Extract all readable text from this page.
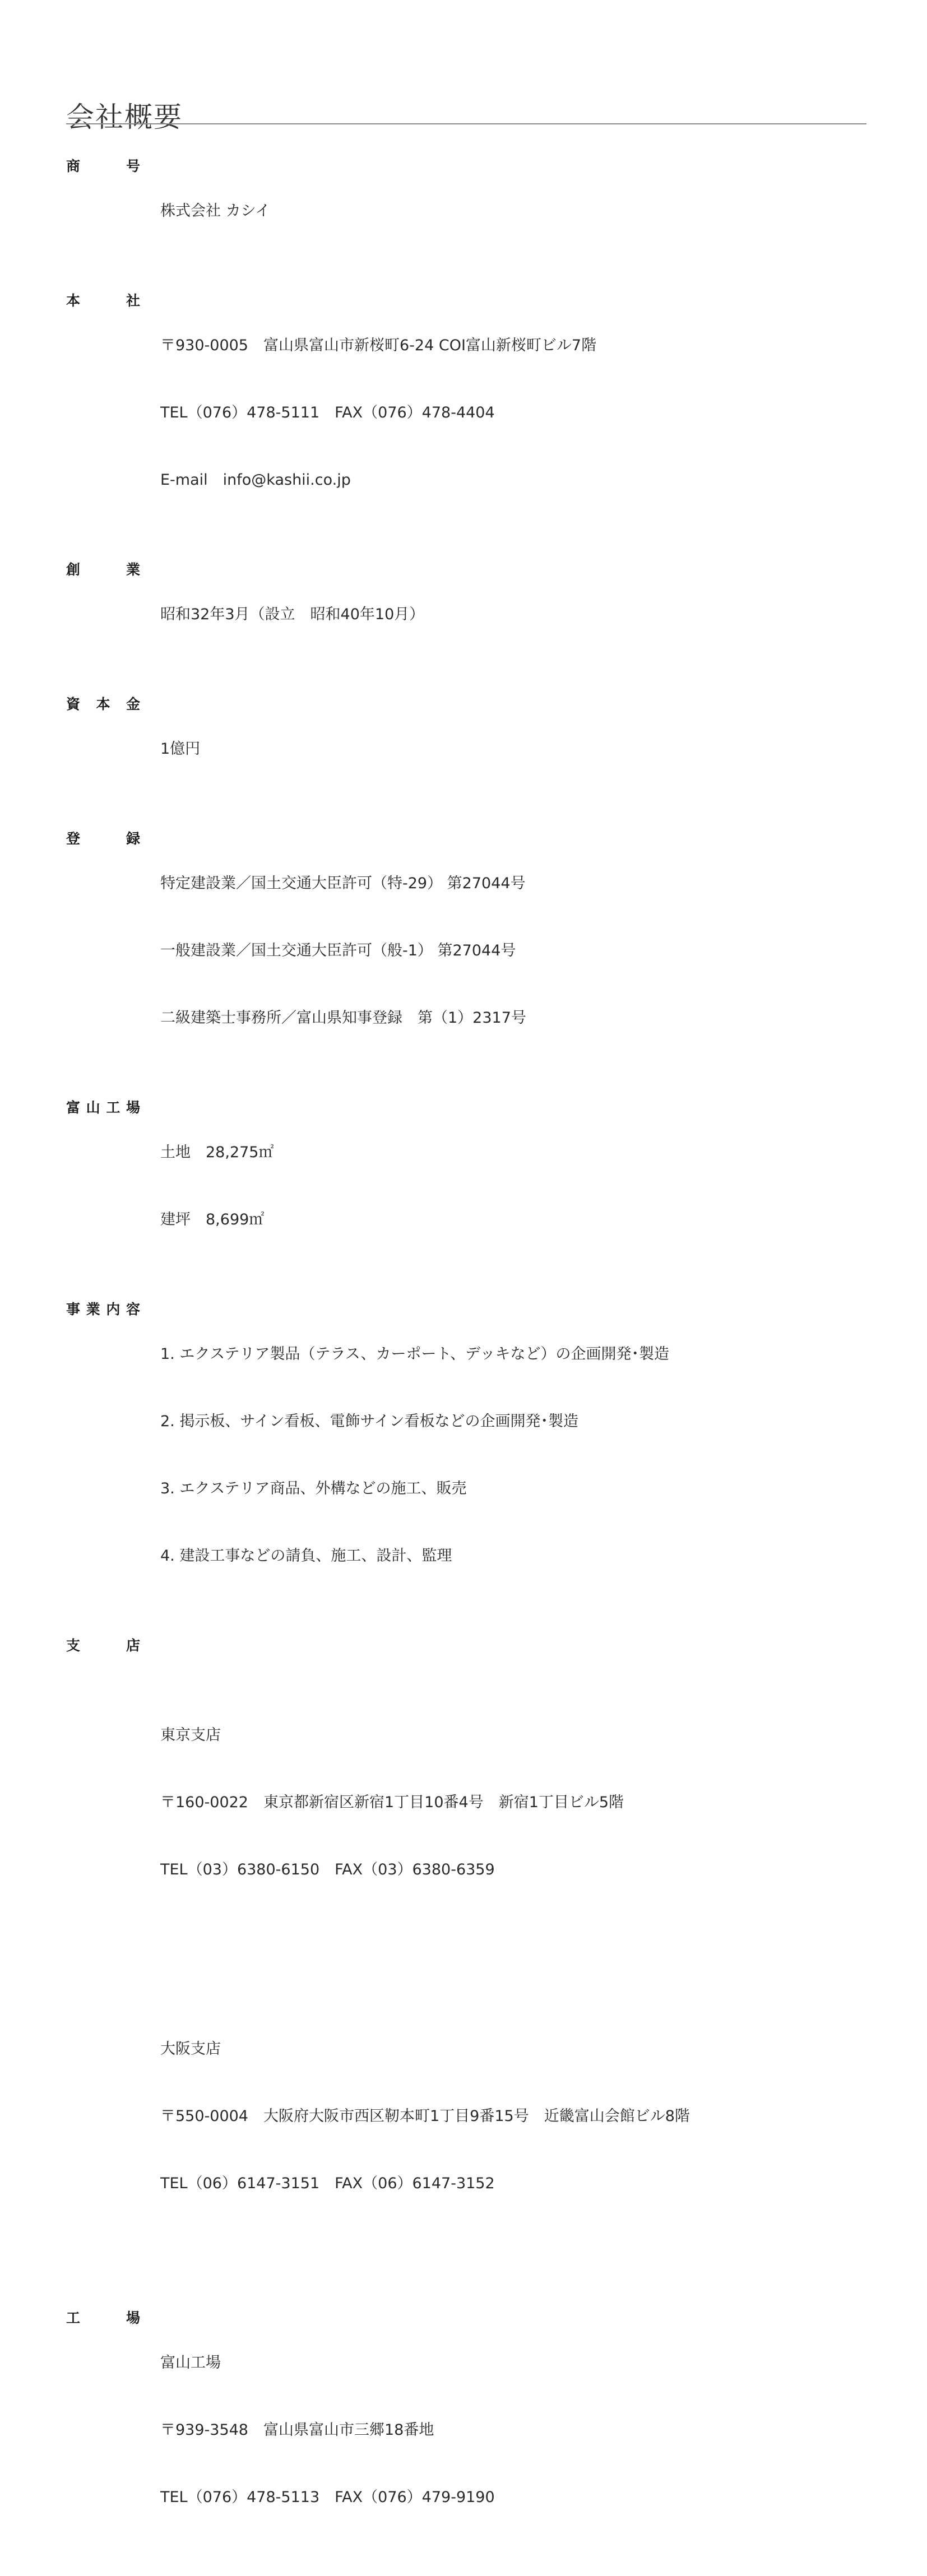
会社概要
商	号

株式会社 カシイ

本	社

〒930-0005　富山県富山市新桜町6-24 COI富山新桜町ビル7階

TEL（076）478-5111　FAX（076）478-4404

E-mail　info@kashii.co.jp

創	業

昭和32年3月（設立　昭和40年10月）

資 本 金

1億円

登	録

特定建設業／国土交通大臣許可（特-29） 第27044号

一般建設業／国土交通大臣許可（般-1） 第27044号

二級建築士事務所／富山県知事登録　第（1）2317号

富 山 工 場

土地　28,275㎡

建坪　8,699㎡

事 業 内 容

1. エクステリア製品（テラス、カーポート、デッキなど）の企画開発･製造

2. 掲示板、サイン看板、電飾サイン看板などの企画開発･製造

3. エクステリア商品、外構などの施工、販売

4. 建設工事などの請負、施工、設計、監理

支	店

東京支店

〒160-0022　東京都新宿区新宿1丁目10番4号　新宿1丁目ビル5階

TEL（03）6380-6150　FAX（03）6380-6359

大阪支店

〒550-0004　大阪府大阪市西区靭本町1丁目9番15号　近畿富山会館ビル8階

TEL（06）6147-3151　FAX（06）6147-3152

工	場

富山工場

〒939-3548　富山県富山市三郷18番地

TEL（076）478-5113　FAX（076）479-9190
